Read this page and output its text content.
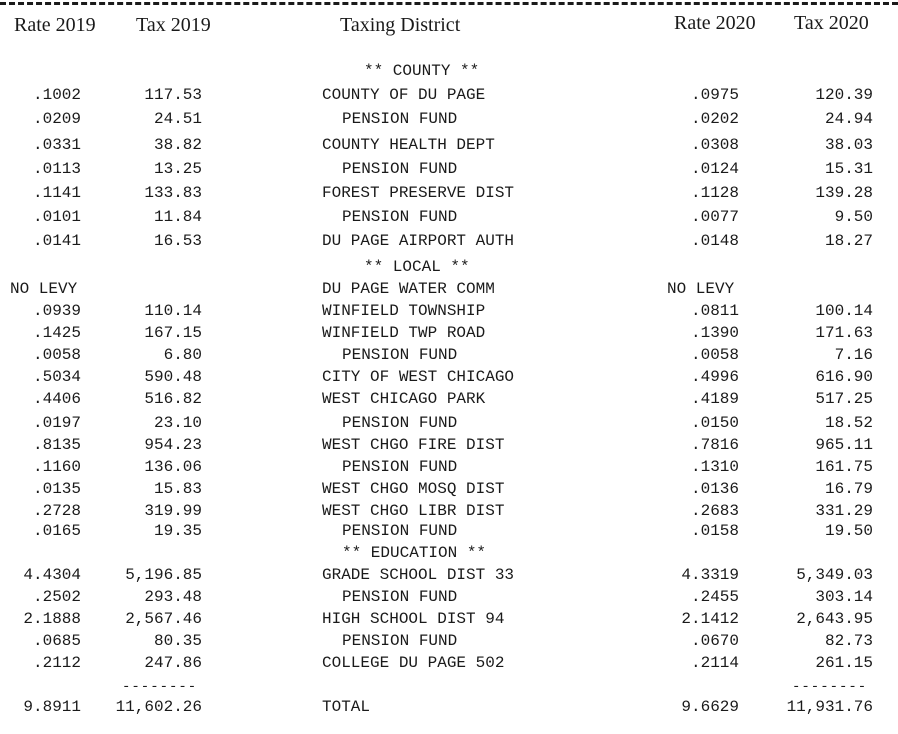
Rate 2019 Tax 2019	Taxing District	Rate 2020 Tax 2020
** COUNTY **
** LOCAL **
** EDUCATION **
.1002	117.53	COUNTY OF DU PAGE	.0975	120.39
.0209	24.51	PENSION FUND	.0202	24.94
.0331	38.82	COUNTY HEALTH DEPT	.0308	38.03
.0113	13.25	PENSION FUND	.0124	15.31
.1141	133.83	FOREST PRESERVE DIST	.1128	139.28
.0101	11.84	PENSION FUND	.0077	9.50
.0141	16.53	DU PAGE AIRPORT AUTH	.0148	18.27
NO LEVY	DU PAGE WATER COMM	NO LEVY
.0939	110.14	WINFIELD TOWNSHIP	.0811	100.14
.1425	167.15	WINFIELD TWP ROAD	.1390	171.63
.0058	6.80	PENSION FUND	.0058	7.16
.5034	590.48	CITY OF WEST CHICAGO	.4996	616.90
.4406	516.82	WEST CHICAGO PARK	.4189	517.25
.0197	23.10	PENSION FUND	.0150	18.52
.8135	954.23	WEST CHGO FIRE DIST	.7816	965.11
.1160	136.06	PENSION FUND	.1310	161.75
.0135	15.83	WEST CHGO MOSQ DIST	.0136	16.79
.2728	319.99	WEST CHGO LIBR DIST	.2683	331.29
.0165	19.35	PENSION FUND	.0158	19.50
4.4304	5,196.85	GRADE SCHOOL DIST 33	4.3319	5,349.03
.2502	293.48	PENSION FUND	.2455	303.14
2.1888	2,567.46	HIGH SCHOOL DIST 94	2.1412	2,643.95
.0685	80.35	PENSION FUND	.0670	82.73
.2112	247.86	COLLEGE DU PAGE 502	.2114	261.15
--------	--------
9.8911 11,602.26	TOTAL	9.6629	11,931.76
